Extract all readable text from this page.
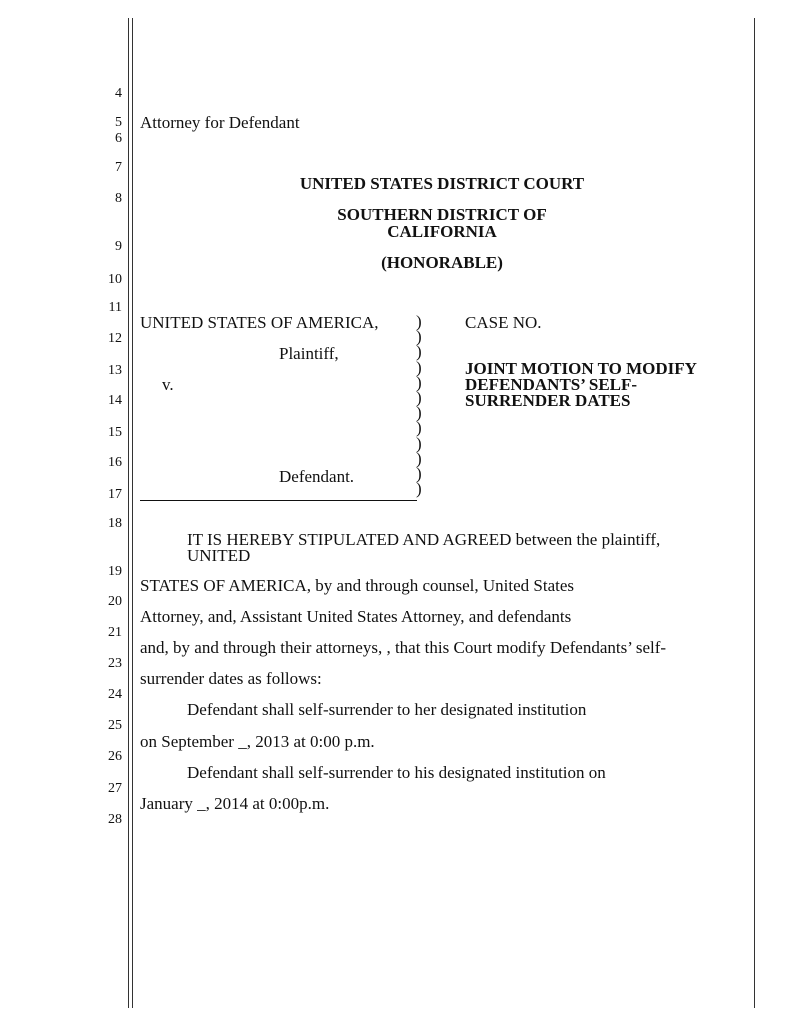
4
5
6
7
8
9
10
11
12
13
14
15
16
17
18
19
20
21
23
24
25
26
27
28
Attorney for Defendant
UNITED STATES DISTRICT COURT
SOUTHERN DISTRICT OF
CALIFORNIA
(HONORABLE)
UNITED STATES OF AMERICA,
Plaintiff,
v.
Defendant.
)
)
)
)
)
)
)
)
)
)
)
)
CASE NO.
JOINT MOTION TO MODIFY
DEFENDANTS’ SELF-
SURRENDER DATES
IT IS HEREBY STIPULATED AND AGREED between the plaintiff,
UNITED
STATES OF AMERICA, by and through counsel, United States
Attorney, and, Assistant United States Attorney, and defendants
and, by and through their attorneys, , that this Court modify Defendants’ self-
surrender dates as follows:
Defendant shall self-surrender to her designated institution
on September _, 2013 at 0:00 p.m.
Defendant shall self-surrender to his designated institution on
January _, 2014 at 0:00p.m.
